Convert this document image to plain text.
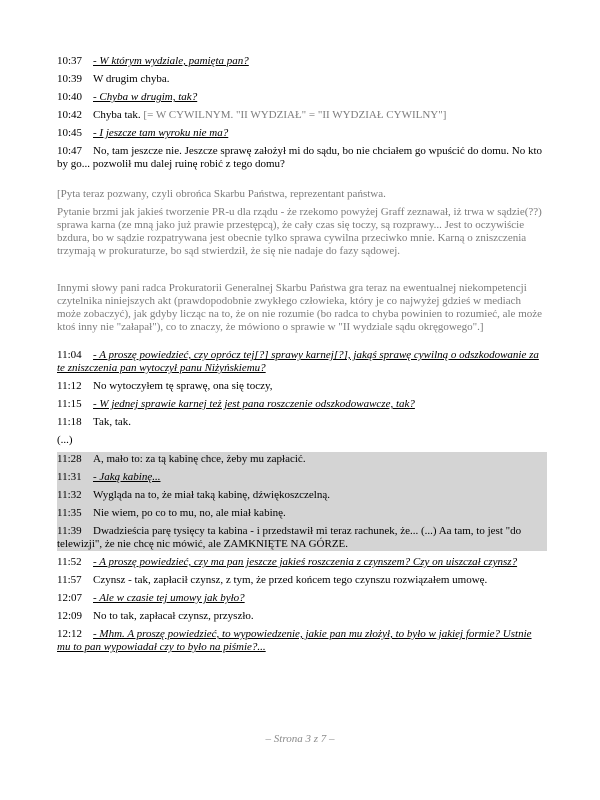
10:37 - W którym wydziale, pamięta pan?
10:39 W drugim chyba.
10:40 - Chyba w drugim, tak?
10:42 Chyba tak. [= W CYWILNYM. "II WYDZIAŁ" = "II WYDZIAŁ CYWILNY"]
10:45 - I jeszcze tam wyroku nie ma?
10:47 No, tam jeszcze nie. Jeszcze sprawę założył mi do sądu, bo nie chciałem go wpuścić do domu. No kto by go... pozwolił mu dalej ruinę robić z tego domu?
[Pyta teraz pozwany, czyli obrońca Skarbu Państwa, reprezentant państwa.
Pytanie brzmi jak jakieś tworzenie PR-u dla rządu - że rzekomo powyżej Graff zeznawał, iż trwa w sądzie(??) sprawa karna (ze mną jako już prawie przestępcą), że cały czas się toczy, są rozprawy... Jest to oczywiście bzdura, bo w sądzie rozpatrywana jest obecnie tylko sprawa cywilna przeciwko mnie. Karną o zniszczenia trzymają w prokuraturze, bo sąd stwierdził, że się nie nadaje do fazy sądowej.
Innymi słowy pani radca Prokuratorii Generalnej Skarbu Państwa gra teraz na ewentualnej niekompetencji czytelnika niniejszych akt (prawdopodobnie zwykłego człowieka, który je co najwyżej gdzieś w mediach może zobaczyć), jak gdyby licząc na to, że on nie rozumie (bo radca to chyba powinien to rozumieć, ale może ktoś inny nie "załapał"), co to znaczy, że mówiono o sprawie w "II wydziale sądu okręgowego".]
11:04 - A proszę powiedzieć, czy oprócz tej[?] sprawy karnej[?], jakąś sprawę cywilną o odszkodowanie za te zniszczenia pan wytoczył panu Niżyńskiemu?
11:12 No wytoczyłem tę sprawę, ona się toczy,
11:15 - W jednej sprawie karnej też jest pana roszczenie odszkodowawcze, tak?
11:18 Tak, tak.
(...)
11:28 A, mało to: za tą kabinę chce, żeby mu zapłacić.
11:31 - Jaką kabinę...
11:32 Wygląda na to, że miał taką kabinę, dźwiękoszczelną.
11:35 Nie wiem, po co to mu, no, ale miał kabinę.
11:39 Dwadzieścia parę tysięcy ta kabina - i przedstawił mi teraz rachunek, że... (...) Aa tam, to jest "do telewizji", że nie chcę nic mówić, ale ZAMKNIĘTE NA GÓRZE.
11:52 - A proszę powiedzieć, czy ma pan jeszcze jakieś roszczenia z czynszem? Czy on uiszczał czynsz?
11:57 Czynsz - tak, zapłacił czynsz, z tym, że przed końcem tego czynszu rozwiązałem umowę.
12:07 - Ale w czasie tej umowy jak było?
12:09 No to tak, zapłacał czynsz, przyszło.
12:12 - Mhm. A proszę powiedzieć, to wypowiedzenie, jakie pan mu złożył, to było w jakiej formie? Ustnie mu to pan wypowiadał czy to było na piśmie?...
– Strona 3 z 7 –
